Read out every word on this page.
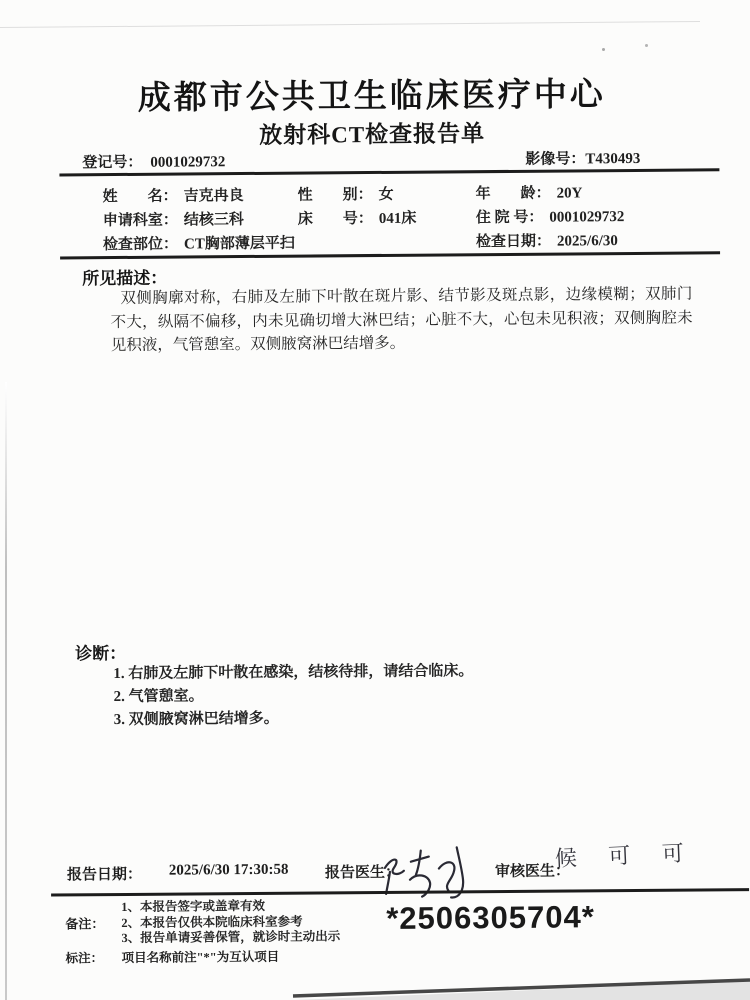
成都市公共卫生临床医疗中心
放射科CT检查报告单
登记号： 0001029732	影像号：T430493
姓　　名： 吉克冉良	性　　别： 女	年　　龄： 20Y
申请科室： 结核三科	床　　号： 041床	住 院 号： 0001029732
检查部位： CT胸部薄层平扫	检查日期： 2025/6/30
所见描述：
双侧胸廓对称，右肺及左肺下叶散在斑片影、结节影及斑点影，边缘模糊；双肺门不大，纵隔不偏移，内未见确切增大淋巴结；心脏不大，心包未见积液；双侧胸腔未见积液，气管憩室。双侧腋窝淋巴结增多。
诊断：
1. 右肺及左肺下叶散在感染，结核待排，请结合临床。
2. 气管憩室。
3. 双侧腋窝淋巴结增多。
报告日期： 2025/6/30 17:30:58 报告医生：	审核医生：
候 可 可
备注：
1、本报告签字或盖章有效
2、本报告仅供本院临床科室参考
3、报告单请妥善保管，就诊时主动出示
*2506305704*
标注： 项目名称前注"*"为互认项目
